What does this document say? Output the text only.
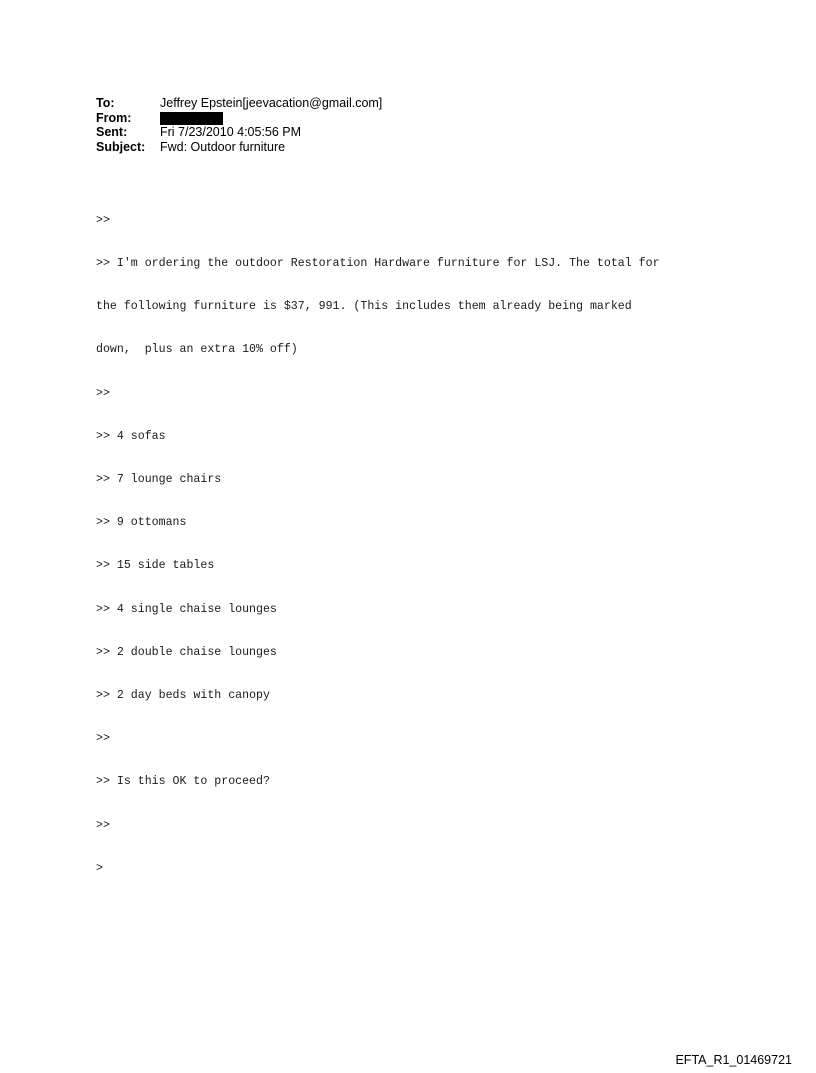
To:	Jeffrey Epstein[jeevacation@gmail.com]
From:
Sent:	Fri 7/23/2010 4:05:56 PM
Subject:	Fwd: Outdoor furniture

>>

>> I'm ordering the outdoor Restoration Hardware furniture for LSJ. The total for

the following furniture is $37, 991. (This includes them already being marked

down,  plus an extra 10% off)

>>

>> 4 sofas

>> 7 lounge chairs

>> 9 ottomans

>> 15 side tables

>> 4 single chaise lounges

>> 2 double chaise lounges

>> 2 day beds with canopy

>>

>> Is this OK to proceed?

>>

>

EFTA_R1_01469721
